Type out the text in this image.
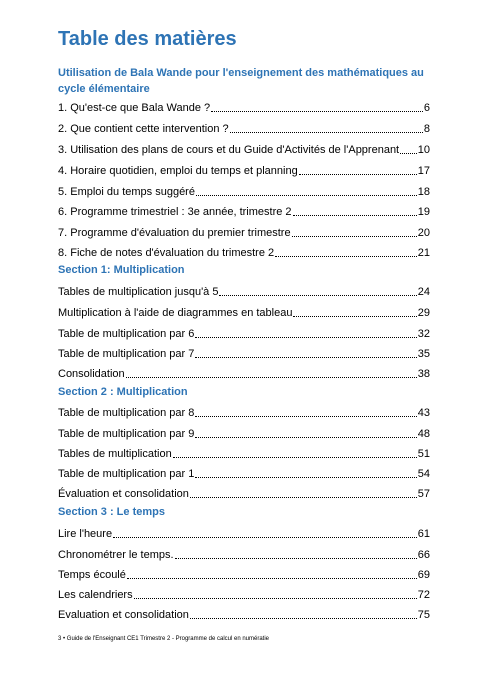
Table des matières
Utilisation de Bala Wande pour l'enseignement des mathématiques au cycle élémentaire
1. Qu'est-ce que Bala Wande ?	6
2. Que contient cette intervention ?	8
3. Utilisation des plans de cours et du Guide d'Activités de l'Apprenant 10
4. Horaire quotidien, emploi du temps et planning	17
5. Emploi du temps suggéré	18
6. Programme trimestriel : 3e année, trimestre 2	19
7. Programme d'évaluation du premier trimestre	20
8. Fiche de notes d'évaluation du trimestre 2	21
Section 1: Multiplication
Tables de multiplication jusqu'à 5	24
Multiplication à l'aide de diagrammes en tableau	29
Table de multiplication par 6	32
Table de multiplication par 7	35
Consolidation	38
Section 2 : Multiplication
Table de multiplication par 8	43
Table de multiplication par 9	48
Tables de multiplication	51
Table de multiplication par 1	54
Évaluation et consolidation	57
Section 3 : Le temps
Lire l'heure	61
Chronométrer le temps.	66
Temps écoulé	69
Les calendriers	72
Evaluation et consolidation	75
3 • Guide de l'Enseignant CE1 Trimestre 2 - Programme de calcul en numératie
